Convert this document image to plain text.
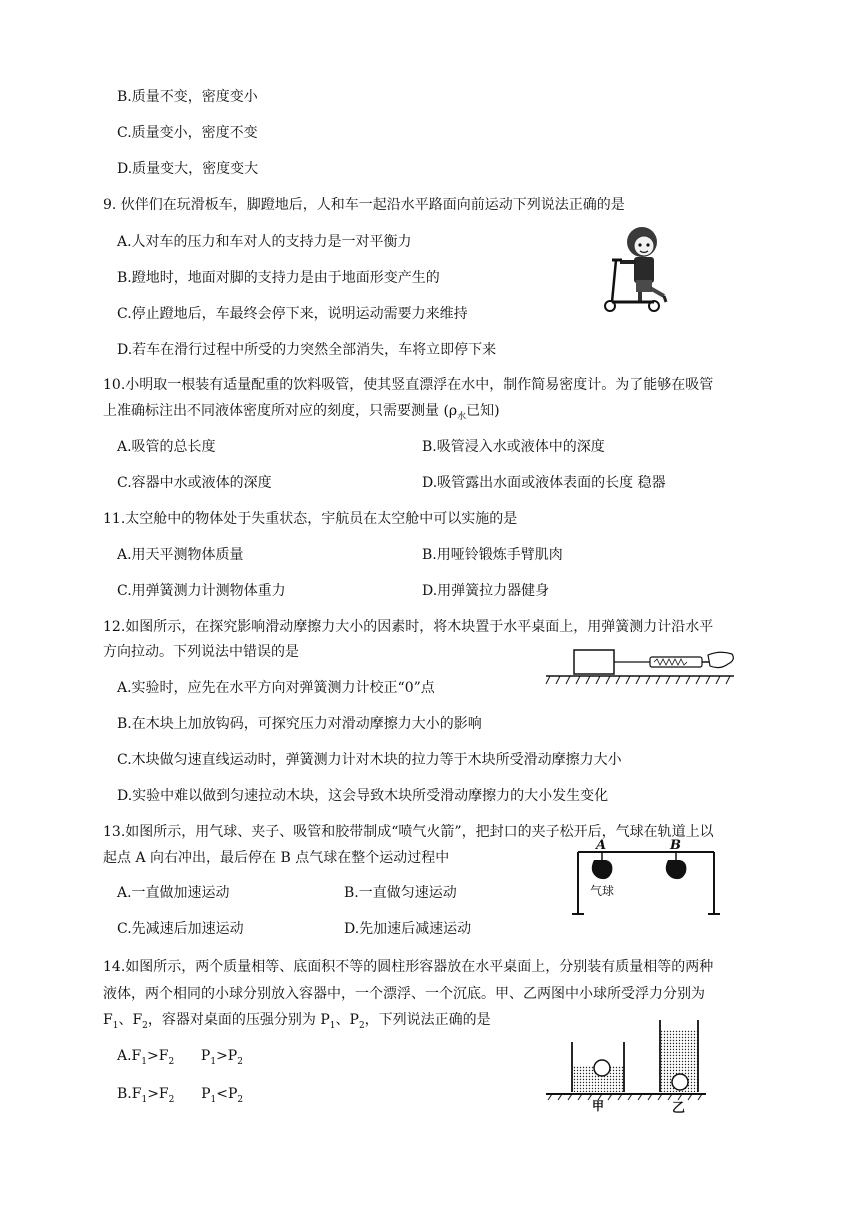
B.质量不变，密度变小
C.质量变小，密度不变
D.质量变大，密度变大
9. 伙伴们在玩滑板车，脚蹬地后，人和车一起沿水平路面向前运动下列说法正确的是
A.人对车的压力和车对人的支持力是一对平衡力
B.蹬地时，地面对脚的支持力是由于地面形变产生的
C.停止蹬地后，车最终会停下来，说明运动需要力来维持
D.若车在滑行过程中所受的力突然全部消失，车将立即停下来
10.小明取一根装有适量配重的饮料吸管，使其竖直漂浮在水中，制作简易密度计。为了能够在吸管
上准确标注出不同液体密度所对应的刻度，只需要测量 ($\rho_水$已知)
A.吸管的总长度	B.吸管浸入水或液体中的深度
C.容器中水或液体的深度	D.吸管露出水面或液体表面的长度 稳器
11.太空舱中的物体处于失重状态，宇航员在太空舱中可以实施的是
A.用天平测物体质量	B.用哑铃锻炼手臂肌肉
C.用弹簧测力计测物体重力	D.用弹簧拉力器健身
12.如图所示，在探究影响滑动摩擦力大小的因素时，将木块置于水平桌面上，用弹簧测力计沿水平
方向拉动。下列说法中错误的是
A.实验时，应先在水平方向对弹簧测力计校正“0”点
B.在木块上加放钩码，可探究压力对滑动摩擦力大小的影响
C.木块做匀速直线运动时，弹簧测力计对木块的拉力等于木块所受滑动摩擦力大小
D.实验中难以做到匀速拉动木块，这会导致木块所受滑动摩擦力的大小发生变化
13.如图所示，用气球、夹子、吸管和胶带制成“喷气火箭”，把封口的夹子松开后，气球在轨道上以
起点 A 向右冲出，最后停在 B 点气球在整个运动过程中
A.一直做加速运动	B.一直做匀速运动
C.先减速后加速运动	D.先加速后减速运动
A	B
气球
14.如图所示，两个质量相等、底面积不等的圆柱形容器放在水平桌面上，分别装有质量相等的两种
液体，两个相同的小球分别放入容器中，一个漂浮、一个沉底。甲、乙两图中小球所受浮力分别为
$F_1$、$F_2$，容器对桌面的压强分别为 $P_1$、$P_2$，下列说法正确的是
$A.F_1>F_2$      $P_1>P_2$
$B.F_1>F_2$      $P_1<P_2$	甲	乙
